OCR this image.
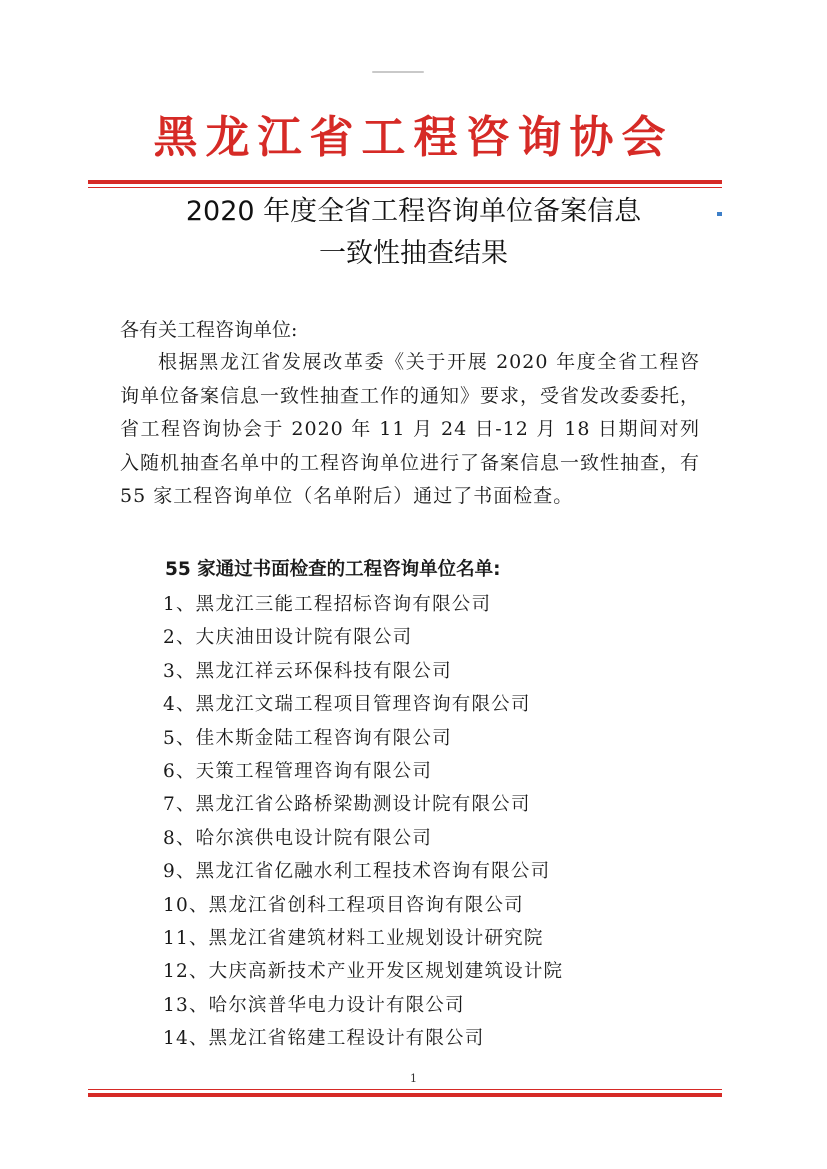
黑龙江省工程咨询协会
2020 年度全省工程咨询单位备案信息
一致性抽查结果
各有关工程咨询单位:

根据黑龙江省发展改革委《关于开展 2020 年度全省工程咨询单位备案信息一致性抽查工作的通知》要求，受省发改委委托，省工程咨询协会于 2020 年 11 月 24 日-12 月 18 日期间对列入随机抽查名单中的工程咨询单位进行了备案信息一致性抽查，有 55 家工程咨询单位（名单附后）通过了书面检查。

55 家通过书面检查的工程咨询单位名单:
1、黑龙江三能工程招标咨询有限公司
2、大庆油田设计院有限公司
3、黑龙江祥云环保科技有限公司
4、黑龙江文瑞工程项目管理咨询有限公司
5、佳木斯金陆工程咨询有限公司
6、天策工程管理咨询有限公司
7、黑龙江省公路桥梁勘测设计院有限公司
8、哈尔滨供电设计院有限公司
9、黑龙江省亿融水利工程技术咨询有限公司
10、黑龙江省创科工程项目咨询有限公司
11、黑龙江省建筑材料工业规划设计研究院
12、大庆高新技术产业开发区规划建筑设计院
13、哈尔滨普华电力设计有限公司
14、黑龙江省铭建工程设计有限公司
1
